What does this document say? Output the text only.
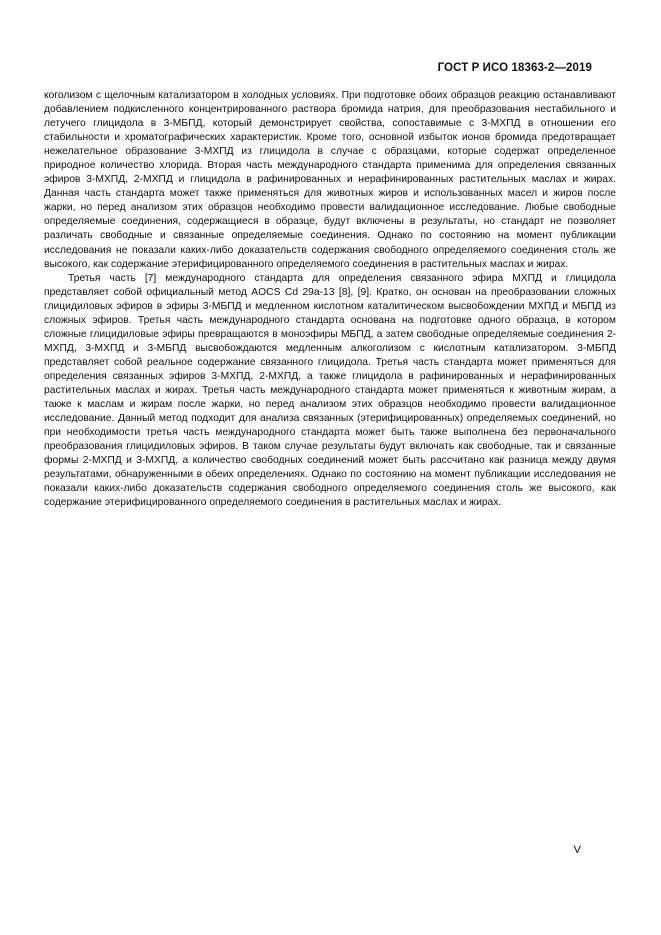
ГОСТ Р ИСО 18363-2—2019

коголизом с щелочным катализатором в холодных условиях. При подготовке обоих образцов реакцию останавливают добавлением подкисленного концентрированного раствора бромида натрия, для преобразования нестабильного и летучего глицидола в 3-МБПД, который демонстрирует свойства, сопоставимые с 3-МХПД в отношении его стабильности и хроматографических характеристик. Кроме того, основной избыток ионов бромида предотвращает нежелательное образование 3-МХПД из глицидола в случае с образцами, которые содержат определенное природное количество хлорида. Вторая часть международного стандарта применима для определения связанных эфиров 3-МХПД, 2-МХПД и глицидола в рафинированных и нерафинированных растительных маслах и жирах. Данная часть стандарта может также применяться для животных жиров и использованных масел и жиров после жарки, но перед анализом этих образцов необходимо провести валидационное исследование. Любые свободные определяемые соединения, содержащиеся в образце, будут включены в результаты, но стандарт не позволяет различать свободные и связанные определяемые соединения. Однако по состоянию на момент публикации исследования не показали каких-либо доказательств содержания свободного определяемого соединения столь же высокого, как содержание этерифицированного определяемого соединения в растительных маслах и жирах.

Третья часть [7] международного стандарта для определения связанного эфира МХПД и глицидола представляет собой официальный метод AOCS Cd 29a-13 [8], [9]. Кратко, он основан на преобразовании сложных глицидиловых эфиров в эфиры 3-МБПД и медленном кислотном каталитическом высвобождении МХПД и МБПД из сложных эфиров. Третья часть международного стандарта основана на подготовке одного образца, в котором сложные глицидиловые эфиры превращаются в моноэфиры МБПД, а затем свободные определяемые соединения 2-МХПД, 3-МХПД и 3-МБПД высвобождаются медленным алкоголизом с кислотным катализатором. 3-МБПД представляет собой реальное содержание связанного глицидола. Третья часть стандарта может применяться для определения связанных эфиров 3-МХПД, 2-МХПД, а также глицидола в рафинированных и нерафинированных растительных маслах и жирах. Третья часть международного стандарта может применяться к животным жирам, а также к маслам и жирам после жарки, но перед анализом этих образцов необходимо провести валидационное исследование. Данный метод подходит для анализа связанных (этерифицированных) определяемых соединений, но при необходимости третья часть международного стандарта может быть также выполнена без первоначального преобразования глицидиловых эфиров. В таком случае результаты будут включать как свободные, так и связанные формы 2-МХПД и 3-МХПД, а количество свободных соединений может быть рассчитано как разница между двумя результатами, обнаруженными в обеих определениях. Однако по состоянию на момент публикации исследования не показали каких-либо доказательств содержания свободного определяемого соединения столь же высокого, как содержание этерифицированного определяемого соединения в растительных маслах и жирах.

V
